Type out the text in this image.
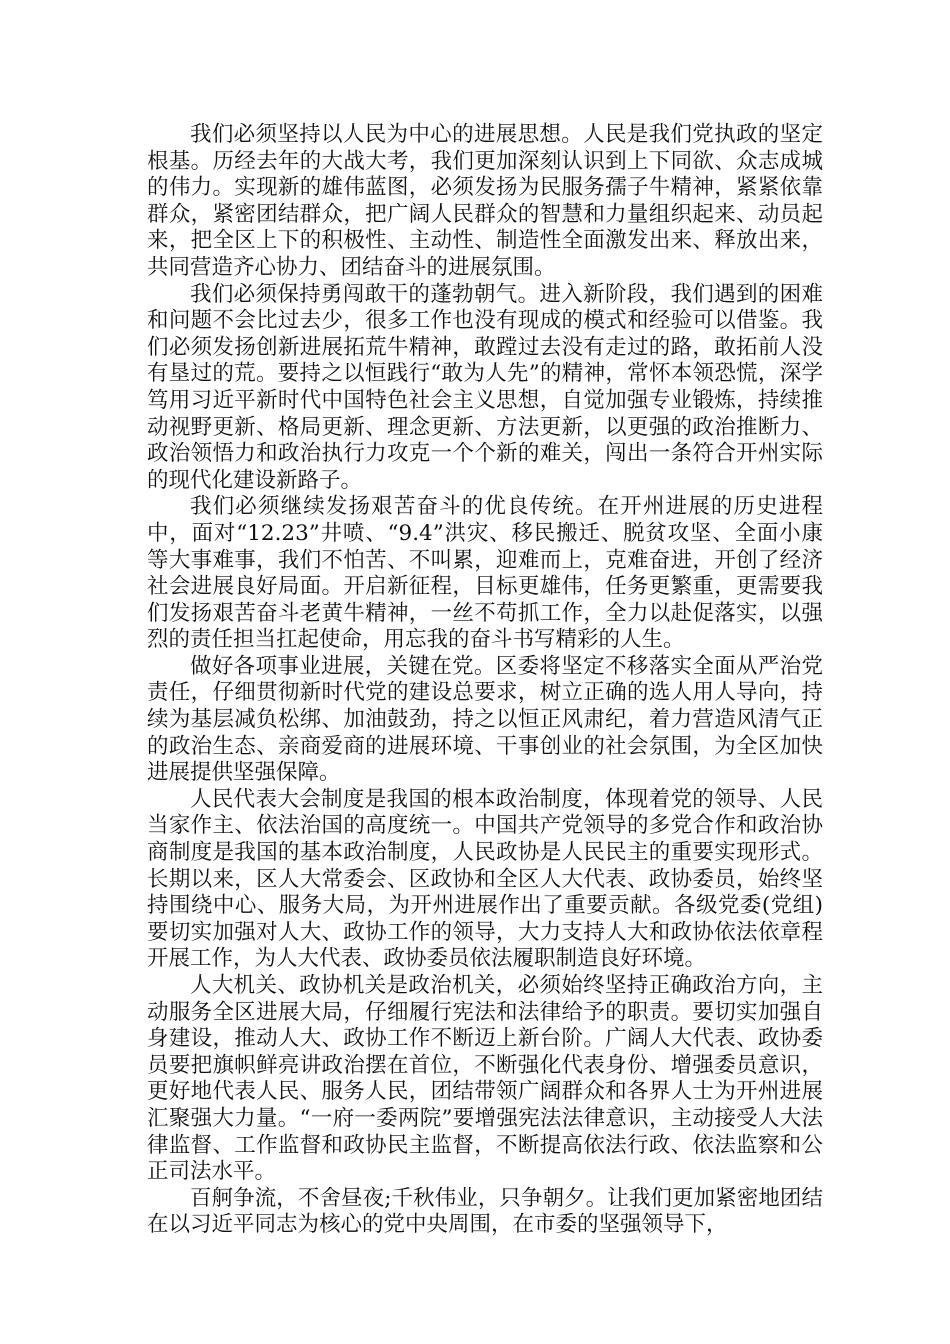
我们必须坚持以人民为中心的进展思想。人民是我们党执政的坚定根基。历经去年的大战大考，我们更加深刻认识到上下同欲、众志成城的伟力。实现新的雄伟蓝图，必须发扬为民服务孺子牛精神，紧紧依靠群众，紧密团结群众，把广阔人民群众的智慧和力量组织起来、动员起来，把全区上下的积极性、主动性、制造性全面激发出来、释放出来，共同营造齐心协力、团结奋斗的进展氛围。

我们必须保持勇闯敢干的蓬勃朝气。进入新阶段，我们遇到的困难和问题不会比过去少，很多工作也没有现成的模式和经验可以借鉴。我们必须发扬创新进展拓荒牛精神，敢蹚过去没有走过的路，敢拓前人没有垦过的荒。要持之以恒践行“敢为人先”的精神，常怀本领恐慌，深学笃用习近平新时代中国特色社会主义思想，自觉加强专业锻炼，持续推动视野更新、格局更新、理念更新、方法更新，以更强的政治推断力、政治领悟力和政治执行力攻克一个个新的难关，闯出一条符合开州实际的现代化建设新路子。

我们必须继续发扬艰苦奋斗的优良传统。在开州进展的历史进程中，面对“12.23”井喷、“9.4”洪灾、移民搬迁、脱贫攻坚、全面小康等大事难事，我们不怕苦、不叫累，迎难而上，克难奋进，开创了经济社会进展良好局面。开启新征程，目标更雄伟，任务更繁重，更需要我们发扬艰苦奋斗老黄牛精神，一丝不苟抓工作，全力以赴促落实，以强烈的责任担当扛起使命，用忘我的奋斗书写精彩的人生。

做好各项事业进展，关键在党。区委将坚定不移落实全面从严治党责任，仔细贯彻新时代党的建设总要求，树立正确的选人用人导向，持续为基层减负松绑、加油鼓劲，持之以恒正风肃纪，着力营造风清气正的政治生态、亲商爱商的进展环境、干事创业的社会氛围，为全区加快进展提供坚强保障。

人民代表大会制度是我国的根本政治制度，体现着党的领导、人民当家作主、依法治国的高度统一。中国共产党领导的多党合作和政治协商制度是我国的基本政治制度，人民政协是人民民主的重要实现形式。长期以来，区人大常委会、区政协和全区人大代表、政协委员，始终坚持围绕中心、服务大局，为开州进展作出了重要贡献。各级党委(党组)要切实加强对人大、政协工作的领导，大力支持人大和政协依法依章程开展工作，为人大代表、政协委员依法履职制造良好环境。

人大机关、政协机关是政治机关，必须始终坚持正确政治方向，主动服务全区进展大局，仔细履行宪法和法律给予的职责。要切实加强自身建设，推动人大、政协工作不断迈上新台阶。广阔人大代表、政协委员要把旗帜鲜亮讲政治摆在首位，不断强化代表身份、增强委员意识，更好地代表人民、服务人民，团结带领广阔群众和各界人士为开州进展汇聚强大力量。“一府一委两院”要增强宪法法律意识，主动接受人大法律监督、工作监督和政协民主监督，不断提高依法行政、依法监察和公正司法水平。

百舸争流，不舍昼夜;千秋伟业，只争朝夕。让我们更加紧密地团结在以习近平同志为核心的党中央周围，在市委的坚强领导下，
